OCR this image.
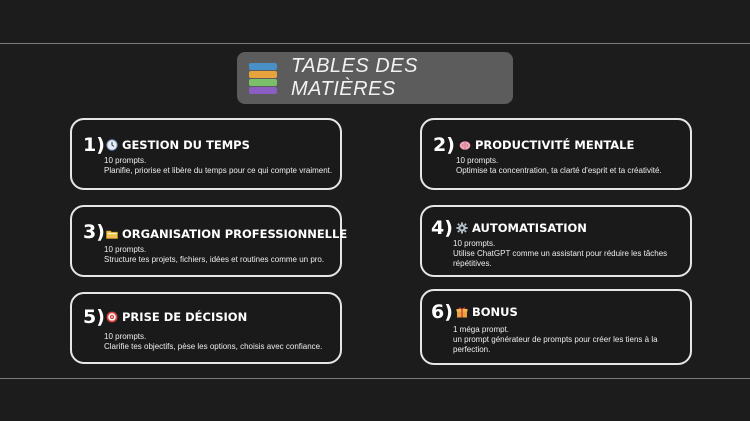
TABLES DES MATIÈRES
1) GESTION DU TEMPS
10 prompts.
Planifie, priorise et libère du temps pour ce qui compte vraiment.
2) PRODUCTIVITÉ MENTALE
10 prompts.
Optimise ta concentration, ta clarté d'esprit et ta créativité.
3) ORGANISATION PROFESSIONNELLE
10 prompts.
Structure tes projets, fichiers, idées et routines comme un pro.
4) AUTOMATISATION
10 prompts.
Utilise ChatGPT comme un assistant pour réduire les tâches répétitives.
5) PRISE DE DÉCISION
10 prompts.
Clarifie tes objectifs, pèse les options, choisis avec confiance.
6) BONUS
1 méga prompt.
un prompt générateur de prompts pour créer les tiens à la perfection.
